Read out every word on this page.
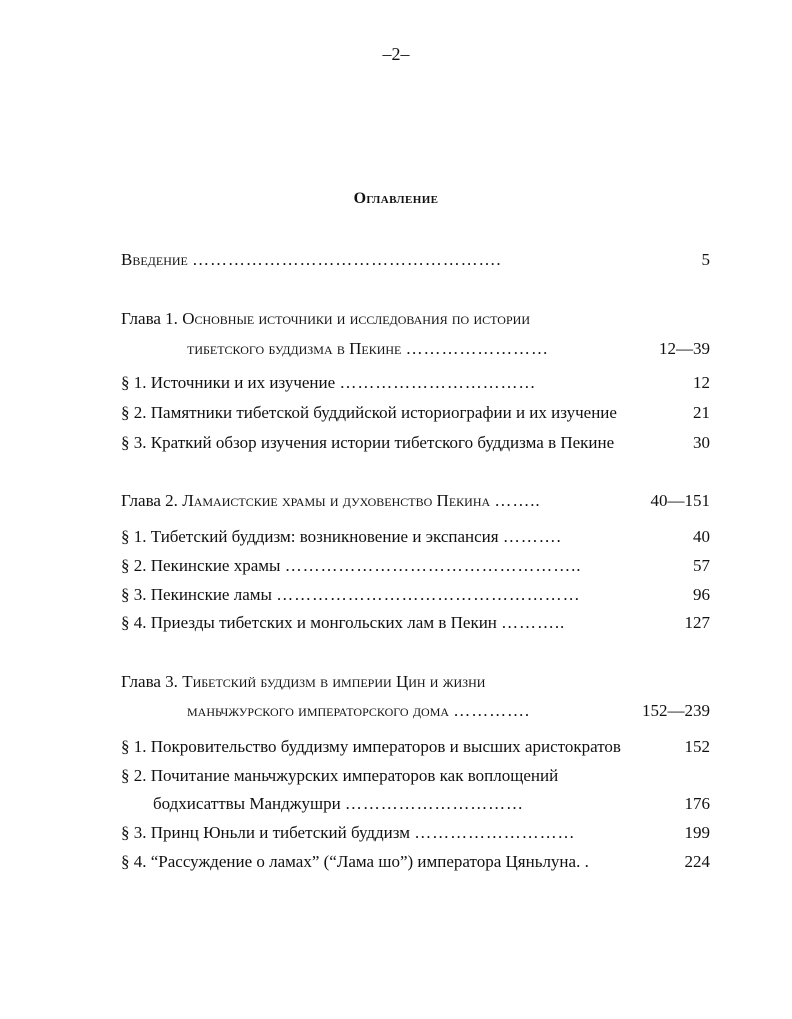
–2–
Оглавление
Введение …………………………………………….	5
Глава 1. Основные источники и исследования по истории
тибетского буддизма в Пекине ……………………	12—39
§ 1. Источники и их изучение ……………………………	12
§ 2. Памятники тибетской буддийской историографии и их изучение	21
§ 3. Краткий обзор изучения истории тибетского буддизма в Пекине	30
Глава 2. Ламаистские храмы и духовенство Пекина ……..	40—151
§ 1. Тибетский буддизм: возникновение и экспансия ……….	40
§ 2. Пекинские храмы …………………………………………..	57
§ 3. Пекинские ламы ……………………………………………	96
§ 4. Приезды тибетских и монгольских лам в Пекин ………..	127
Глава 3. Тибетский буддизм в империи Цин и жизни
маньчжурского императорского дома ………….	152—239
§ 1. Покровительство буддизму императоров и высших аристократов	152
§ 2. Почитание маньчжурских императоров как воплощений
бодхисаттвы Манджушри …………………………	176
§ 3. Принц Юньли и тибетский буддизм ………………………	199
§ 4. “Рассуждение о ламах” (“Лама шо”) императора Цяньлуна. .	224
